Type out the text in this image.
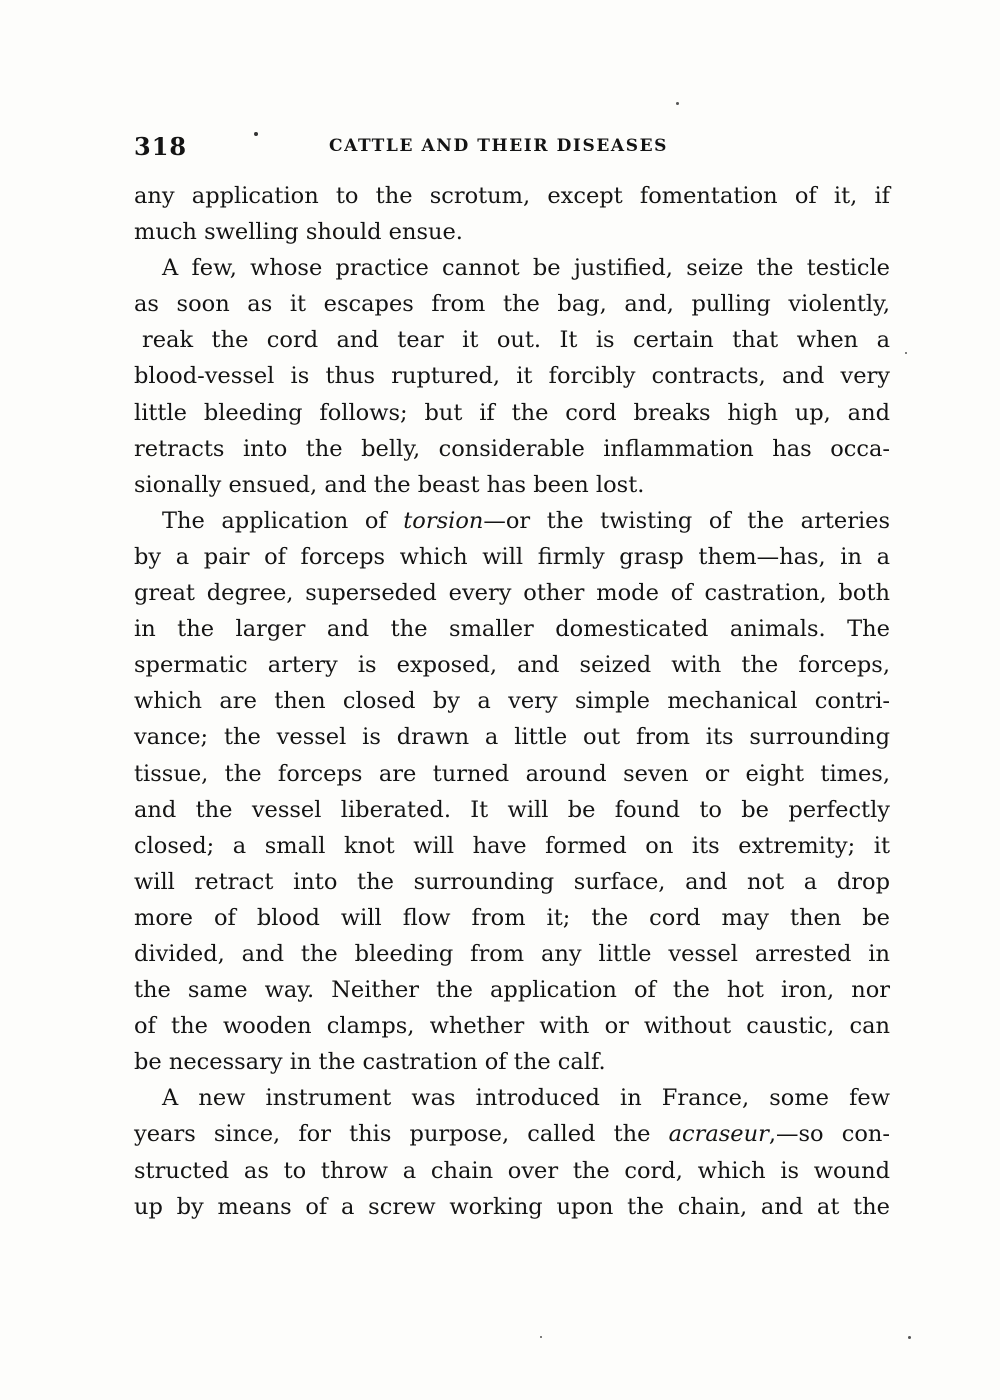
318	CATTLE AND THEIR DISEASES
any application to the scrotum, except fomentation of it, if
much swelling should ensue.
A few, whose practice cannot be justified, seize the testicle
as soon as it escapes from the bag, and, pulling violently,
reak the cord and tear it out. It is certain that when a
blood-vessel is thus ruptured, it forcibly contracts, and very
little bleeding follows; but if the cord breaks high up, and
retracts into the belly, considerable inflammation has occa-
sionally ensued, and the beast has been lost.
The application of torsion—or the twisting of the arteries
by a pair of forceps which will firmly grasp them—has, in a
great degree, superseded every other mode of castration, both
in the larger and the smaller domesticated animals. The
spermatic artery is exposed, and seized with the forceps,
which are then closed by a very simple mechanical contri-
vance; the vessel is drawn a little out from its surrounding
tissue, the forceps are turned around seven or eight times,
and the vessel liberated. It will be found to be perfectly
closed; a small knot will have formed on its extremity; it
will retract into the surrounding surface, and not a drop
more of blood will flow from it; the cord may then be
divided, and the bleeding from any little vessel arrested in
the same way. Neither the application of the hot iron, nor
of the wooden clamps, whether with or without caustic, can
be necessary in the castration of the calf.
A new instrument was introduced in France, some few
years since, for this purpose, called the acraseur,—so con-
structed as to throw a chain over the cord, which is wound
up by means of a screw working upon the chain, and at the
